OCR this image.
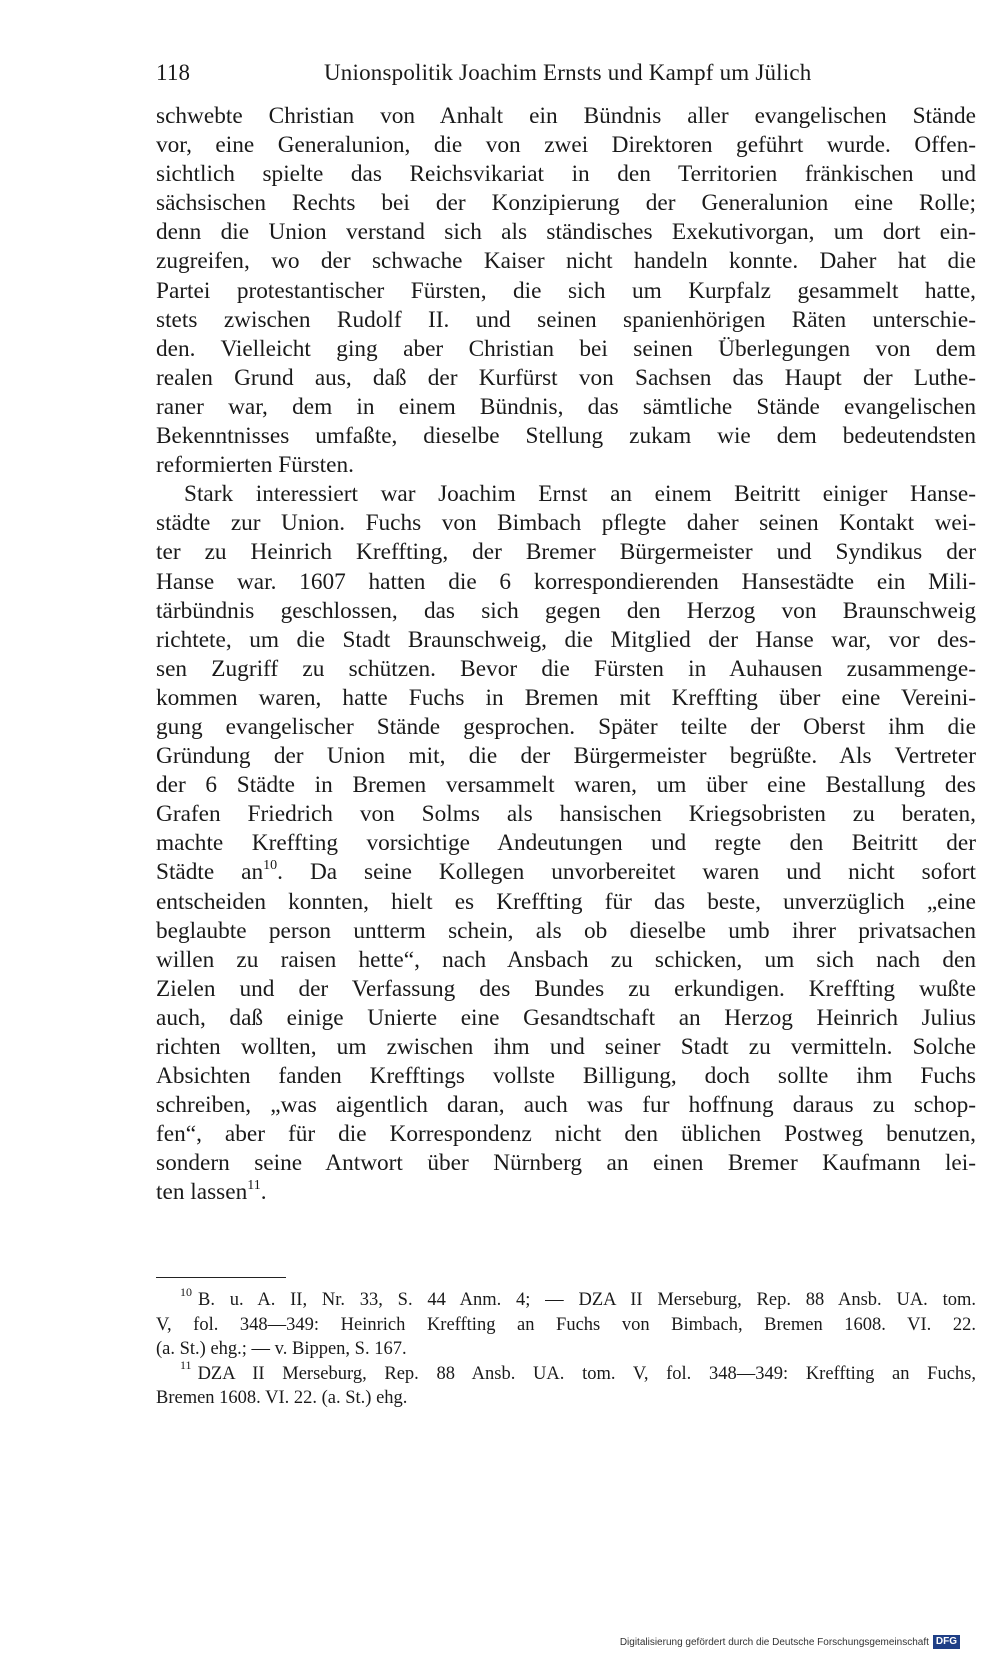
118	Unionspolitik Joachim Ernsts und Kampf um Jülich
schwebte Christian von Anhalt ein Bündnis aller evangelischen Stände
vor, eine Generalunion, die von zwei Direktoren geführt wurde. Offen-
sichtlich spielte das Reichsvikariat in den Territorien fränkischen und
sächsischen Rechts bei der Konzipierung der Generalunion eine Rolle;
denn die Union verstand sich als ständisches Exekutivorgan, um dort ein-
zugreifen, wo der schwache Kaiser nicht handeln konnte. Daher hat die
Partei protestantischer Fürsten, die sich um Kurpfalz gesammelt hatte,
stets zwischen Rudolf II. und seinen spanienhörigen Räten unterschie-
den. Vielleicht ging aber Christian bei seinen Überlegungen von dem
realen Grund aus, daß der Kurfürst von Sachsen das Haupt der Luthe-
raner war, dem in einem Bündnis, das sämtliche Stände evangelischen
Bekenntnisses umfaßte, dieselbe Stellung zukam wie dem bedeutendsten
reformierten Fürsten.
Stark interessiert war Joachim Ernst an einem Beitritt einiger Hanse-
städte zur Union. Fuchs von Bimbach pflegte daher seinen Kontakt wei-
ter zu Heinrich Kreffting, der Bremer Bürgermeister und Syndikus der
Hanse war. 1607 hatten die 6 korrespondierenden Hansestädte ein Mili-
tärbündnis geschlossen, das sich gegen den Herzog von Braunschweig
richtete, um die Stadt Braunschweig, die Mitglied der Hanse war, vor des-
sen Zugriff zu schützen. Bevor die Fürsten in Auhausen zusammenge-
kommen waren, hatte Fuchs in Bremen mit Kreffting über eine Vereini-
gung evangelischer Stände gesprochen. Später teilte der Oberst ihm die
Gründung der Union mit, die der Bürgermeister begrüßte. Als Vertreter
der 6 Städte in Bremen versammelt waren, um über eine Bestallung des
Grafen Friedrich von Solms als hansischen Kriegsobristen zu beraten,
machte Kreffting vorsichtige Andeutungen und regte den Beitritt der
Städte an$^{10}$. Da seine Kollegen unvorbereitet waren und nicht sofort
entscheiden konnten, hielt es Kreffting für das beste, unverzüglich „eine
beglaubte person untterm schein, als ob dieselbe umb ihrer privatsachen
willen zu raisen hette“, nach Ansbach zu schicken, um sich nach den
Zielen und der Verfassung des Bundes zu erkundigen. Kreffting wußte
auch, daß einige Unierte eine Gesandtschaft an Herzog Heinrich Julius
richten wollten, um zwischen ihm und seiner Stadt zu vermitteln. Solche
Absichten fanden Krefftings vollste Billigung, doch sollte ihm Fuchs
schreiben, „was aigentlich daran, auch was fur hoffnung daraus zu schop-
fen“, aber für die Korrespondenz nicht den üblichen Postweg benutzen,
sondern seine Antwort über Nürnberg an einen Bremer Kaufmann lei-
ten lassen$^{11}$.
$^{10}$ B. u. A. II, Nr. 33, S. 44 Anm. 4; — DZA II Merseburg, Rep. 88 Ansb. UA. tom.
V, fol. 348—349: Heinrich Kreffting an Fuchs von Bimbach, Bremen 1608. VI. 22.
(a. St.) ehg.; — v. Bippen, S. 167.
$^{11}$ DZA II Merseburg, Rep. 88 Ansb. UA. tom. V, fol. 348—349: Kreffting an Fuchs,
Bremen 1608. VI. 22. (a. St.) ehg.
Digitalisierung gefördert durch die Deutsche Forschungsgemeinschaft DFG
